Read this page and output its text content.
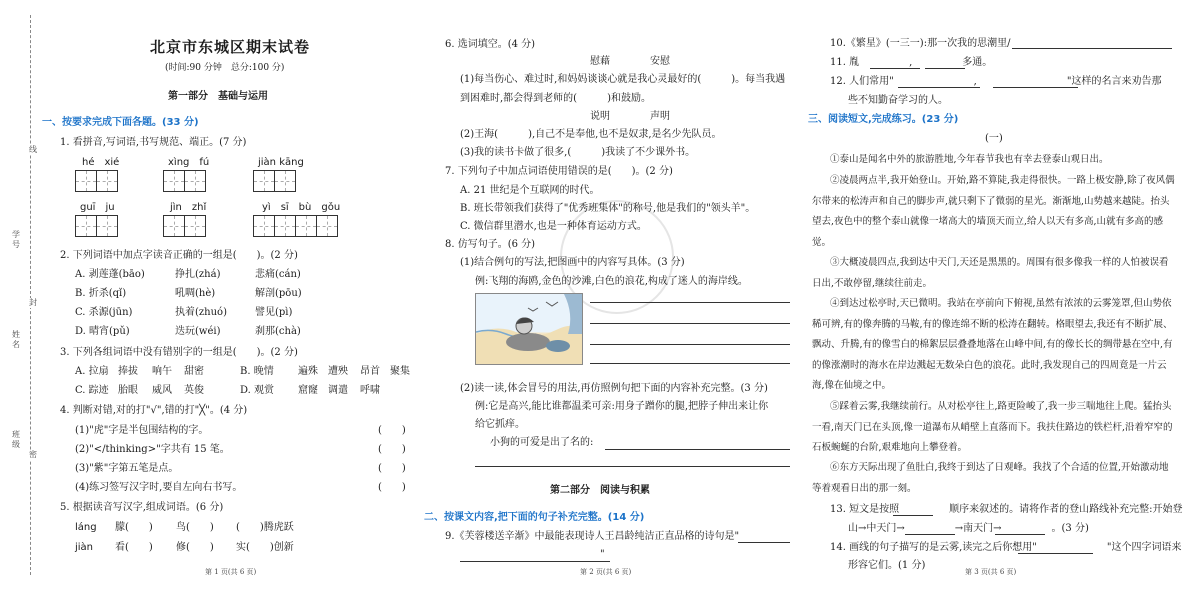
学号
姓名
班级
线
封
密
北京市东城区期末试卷
(时间:90 分钟　总分:100 分)
第一部分　基础与运用
一、按要求完成下面各题。(33 分)
1. 看拼音,写词语,书写规范、端正。(7 分)
hé　xié	xìng　fú	jiàn kāng
guī　ju	jìn　zhǐ	yì　sī　bù　gǒu
2. 下列词语中加点字读音正确的一组是(　　)。(2 分)
A. 剥莲蓬(bāo)	挣扎(zhá)	悲痛(cán)
B. 折杀(qǐ)	吼啁(hè)	解剖(pōu)
C. 杀源(jūn)	执着(zhuó)	譬见(pì)
D. 晴宵(pǔ)	迭玩(wéi)	刹那(chà)
3. 下列各组词语中没有错别字的一组是(　　)。(2 分)
A. 拉扇 捧拔 响午 甜密	B. 晚情 遍殊 遭殃 昂首 聚集
C. 踪迹 胎眼 威风 英俊	D. 观赏 窟窿 调遣 呼啸
4. 判断对错,对的打"√",错的打"╳"。(4 分)
(1)"虎"字是半包围结构的字。	(　　)
(2)"</thinking>"字共有 15 笔。	(　　)
(3)"紫"字第五笔是点。	(　　)
(4)练习签写汉字时,要自左向右书写。	(　　)
5. 根据读音写汉字,组成词语。(6 分)
láng 朦(　　) 鸟(　　) (　　)腾虎跃
jiàn 看(　　) 修(　　) 实(　　)创新
第 1 页(共 6 页)
6. 选词填空。(4 分)
慰藉　　　　安慰
(1)每当伤心、难过时,和妈妈谈谈心就是我心灵最好的(　　　)。每当我遇
到困难时,都会得到老师的(　　　)和鼓励。
说明　　　　声明
(2)王海(　　　),自己不是奉他,也不是奴隶,是名少先队员。
(3)我的读书卡做了很多,(　　　)我读了不少课外书。
7. 下列句子中加点词语使用错误的是(　　)。(2 分)
A. 21 世纪是个互联网的时代。
B. 班长带领我们获得了"优秀班集体"的称号,他是我们的"领头羊"。
C. 微信群里潜水,也是一种体育运动方式。
8. 仿写句子。(6 分)
(1)结合例句的写法,把图画中的内容写具体。(3 分)
例:飞翔的海鸥,金色的沙滩,白色的浪花,构成了迷人的海岸线。
(2)读一读,体会冒号的用法,再仿照例句把下面的内容补充完整。(3 分)
例:它是高兴,能比谁都温柔可亲:用身子蹭你的腿,把脖子伸出来让你
给它抓痒。
小狗的可爱是出了名的:
第二部分　阅读与积累
二、按课文内容,把下面的句子补充完整。(14 分)
9.《芙蓉楼送辛渐》中最能表现诗人王昌龄纯洁正直品格的诗句是"
　　　　　　　　　　　　　　"
第 2 页(共 6 页)
10.《繁星》(一三一):那一次我的思潮里/
11. 胤　　　　　,　　　　　多通。
12. 人们常用"　　　　　　　　,　　　　　　　　　"这样的名言来劝告那
些不知勤奋学习的人。
三、阅读短文,完成练习。(23 分)
(一)
①泰山是闻名中外的旅游胜地,今年春节我也有幸去登泰山观日出。
②凌晨两点半,我开始登山。开始,路不算陡,我走得很快。一路上极安静,除了夜风偶尔带来的松涛声和自己的脚步声,就只剩下了微弱的星光。渐渐地,山势越来越陡。抬头望去,夜色中的整个泰山就像一堵高大的墙顶天而立,给人以天有多高,山就有多高的感觉。
③大概凌晨四点,我到达中天门,天还是黑黑的。周围有很多像我一样的人怕被误看日出,不敢停留,继续往前走。
④到达过松亭时,天已微明。我站在亭前向下俯视,虽然有浓浓的云雾笼罩,但山势依稀可辨,有的像奔腾的马鞍,有的像连绵不断的松涛在翻转。格眼望去,我还有不断扩展、飘动、升腾,有的像雪白的棉絮层层叠叠地落在山峰中间,有的像长长的绸带悬在空中,有的像涨潮时的海水在岸边溅起无数朵白色的浪花。此时,我发现自己的四周竟是一片云海,像在仙境之中。
⑤踩着云雾,我继续前行。从对松亭往上,路更险峻了,我一步三喘地往上爬。猛抬头一看,南天门已在头顶,像一道瀑布从峭壁上直落而下。我扶住路边的铁栏杆,沿着窄窄的石板蜿蜒的台阶,艰难地向上攀登着。
⑥东方天际出现了鱼肚白,我终于到达了日观峰。我找了个合适的位置,开始激动地等着观看日出的那一刻。
13. 短文是按照　　　　　顺序来叙述的。请将作者的登山路线补充完整:开始登
山→中天门→　　　　　→南天门→　　　　　。(3 分)
14. 画线的句子描写的是云雾,读完之后你想用"　　　　　　　"这个四字词语来
形容它们。(1 分)
第 3 页(共 6 页)
